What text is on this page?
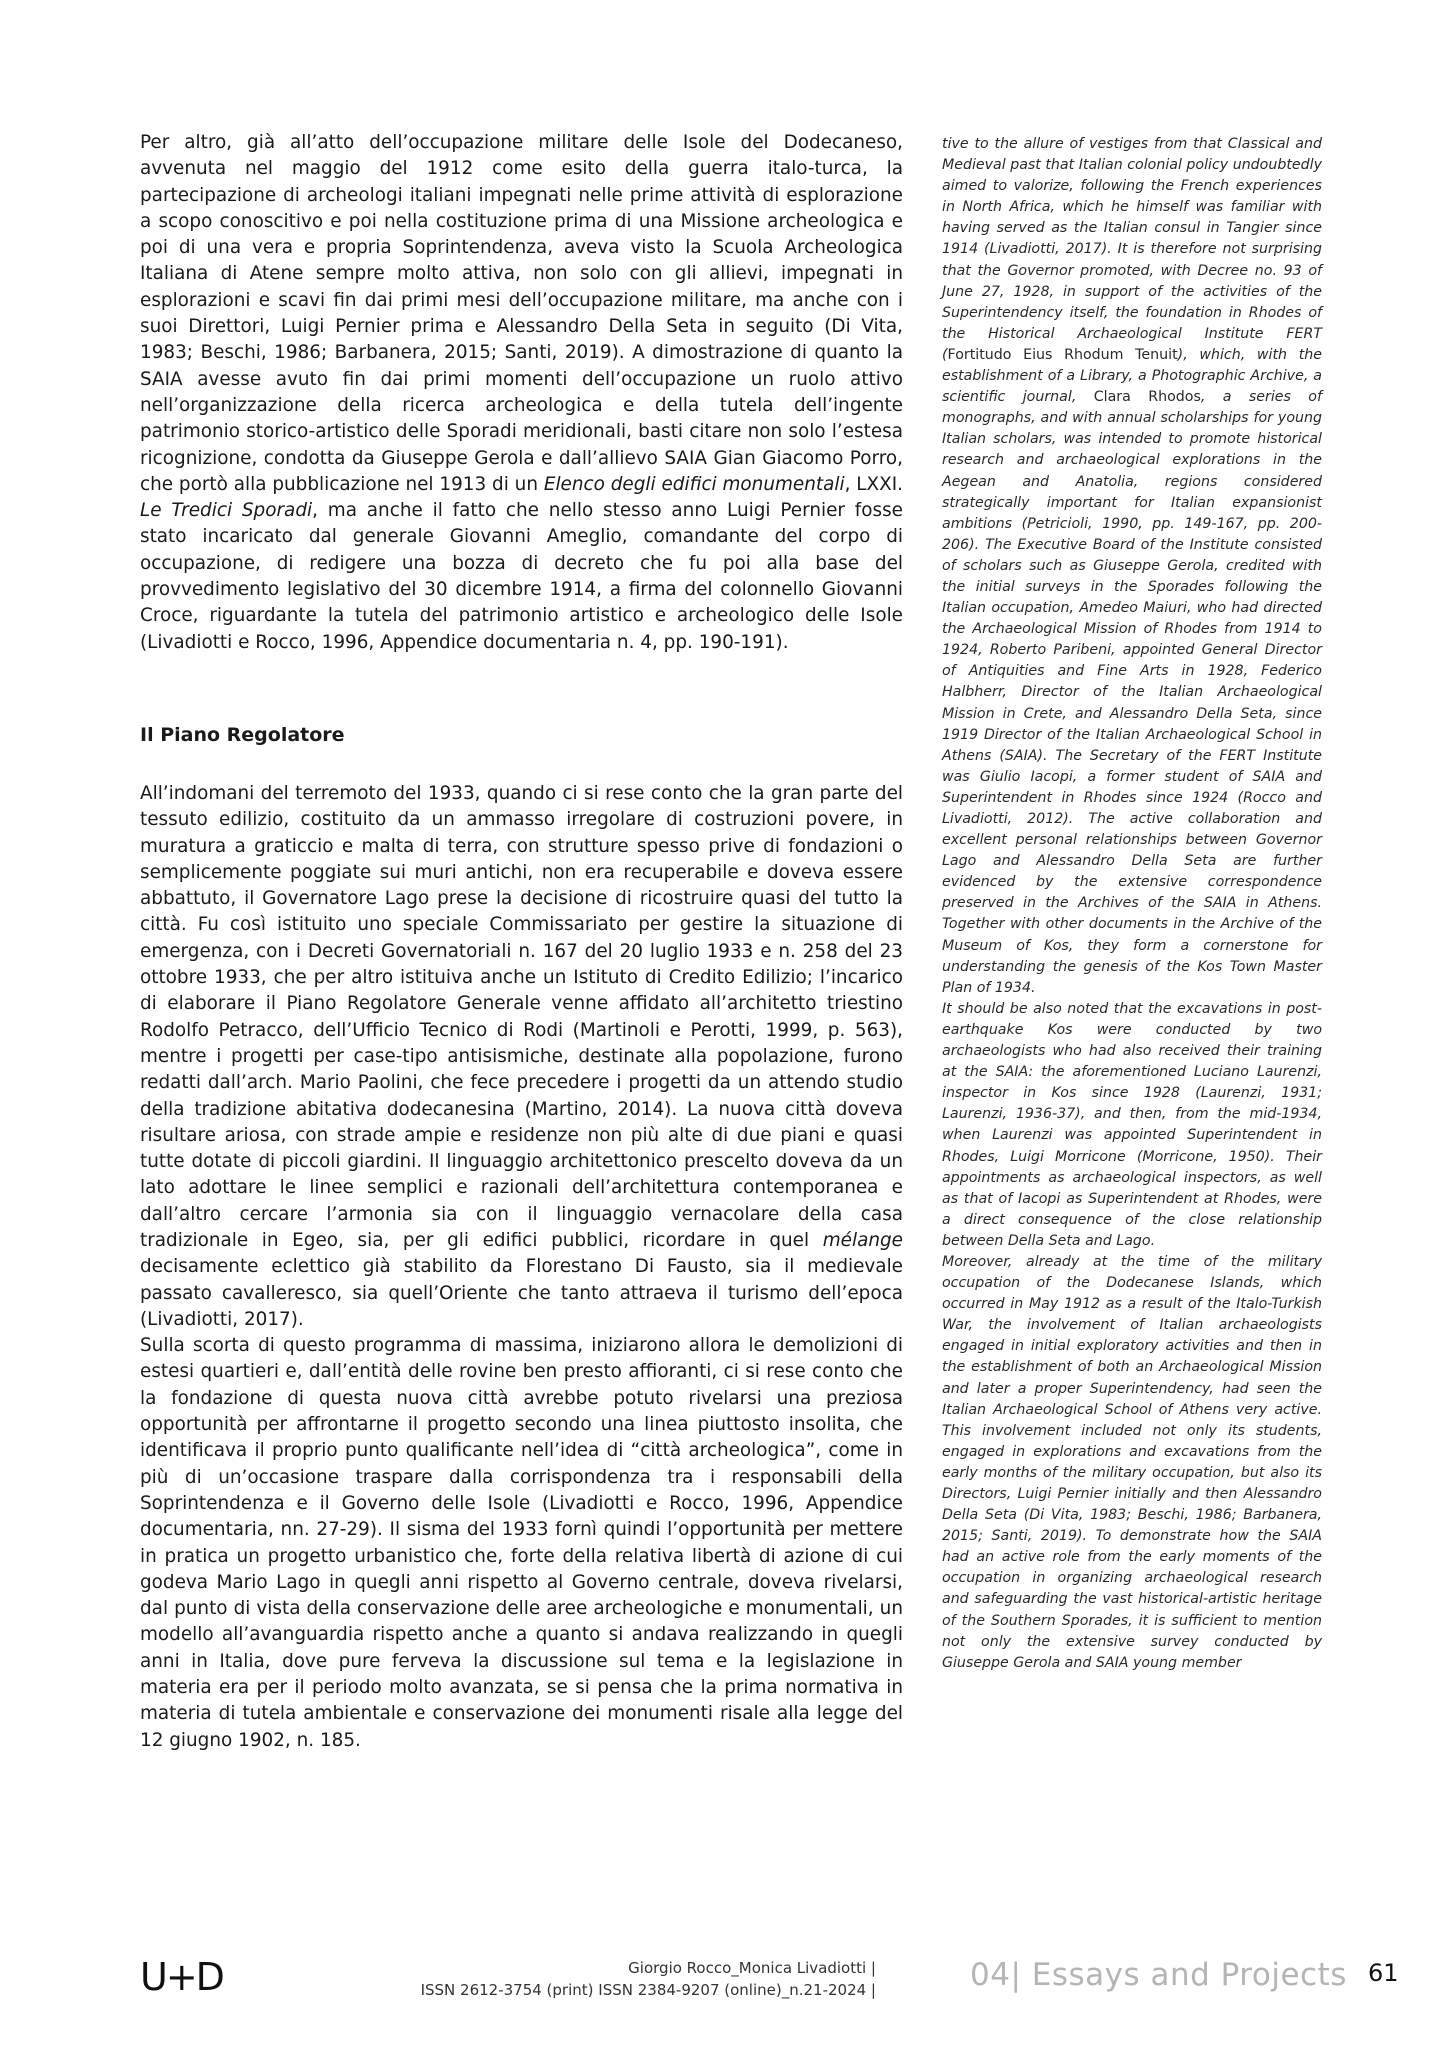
Per altro, già all’atto dell’occupazione militare delle Isole del Dodecaneso, avvenuta nel maggio del 1912 come esito della guerra italo-turca, la partecipazione di archeologi italiani impegnati nelle prime attività di esplorazione a scopo conoscitivo e poi nella costituzione prima di una Missione archeologica e poi di una vera e propria Soprintendenza, aveva visto la Scuola Archeologica Italiana di Atene sempre molto attiva, non solo con gli allievi, impegnati in esplorazioni e scavi fin dai primi mesi dell’occupazione militare, ma anche con i suoi Direttori, Luigi Pernier prima e Alessandro Della Seta in seguito (Di Vita, 1983; Beschi, 1986; Barbanera, 2015; Santi, 2019). A dimostrazione di quanto la SAIA avesse avuto fin dai primi momenti dell’occupazione un ruolo attivo nell’organizzazione della ricerca archeologica e della tutela dell’ingente patrimonio storico-artistico delle Sporadi meridionali, basti citare non solo l’estesa ricognizione, condotta da Giuseppe Gerola e dall’allievo SAIA Gian Giacomo Porro, che portò alla pubblicazione nel 1913 di un Elenco degli edifici monumentali, LXXI. Le Tredici Sporadi, ma anche il fatto che nello stesso anno Luigi Pernier fosse stato incaricato dal generale Giovanni Ameglio, comandante del corpo di occupazione, di redigere una bozza di decreto che fu poi alla base del provvedimento legislativo del 30 dicembre 1914, a firma del colonnello Giovanni Croce, riguardante la tutela del patrimonio artistico e archeologico delle Isole (Livadiotti e Rocco, 1996, Appendice documentaria n. 4, pp. 190-191).

Il Piano Regolatore

All’indomani del terremoto del 1933, quando ci si rese conto che la gran parte del tessuto edilizio, costituito da un ammasso irregolare di costruzioni povere, in muratura a graticcio e malta di terra, con strutture spesso prive di fondazioni o semplicemente poggiate sui muri antichi, non era recuperabile e doveva essere abbattuto, il Governatore Lago prese la decisione di ricostruire quasi del tutto la città. Fu così istituito uno speciale Commissariato per gestire la situazione di emergenza, con i Decreti Governatoriali n. 167 del 20 luglio 1933 e n. 258 del 23 ottobre 1933, che per altro istituiva anche un Istituto di Credito Edilizio; l’incarico di elaborare il Piano Regolatore Generale venne affidato all’architetto triestino Rodolfo Petracco, dell’Ufficio Tecnico di Rodi (Martinoli e Perotti, 1999, p. 563), mentre i progetti per case-tipo antisismiche, destinate alla popolazione, furono redatti dall’arch. Mario Paolini, che fece precedere i progetti da un attendo studio della tradizione abitativa dodecanesina (Martino, 2014). La nuova città doveva risultare ariosa, con strade ampie e residenze non più alte di due piani e quasi tutte dotate di piccoli giardini. Il linguaggio architettonico prescelto doveva da un lato adottare le linee semplici e razionali dell’architettura contemporanea e dall’altro cercare l’armonia sia con il linguaggio vernacolare della casa tradizionale in Egeo, sia, per gli edifici pubblici, ricordare in quel mélange decisamente eclettico già stabilito da Florestano Di Fausto, sia il medievale passato cavalleresco, sia quell’Oriente che tanto attraeva il turismo dell’epoca (Livadiotti, 2017).

Sulla scorta di questo programma di massima, iniziarono allora le demolizioni di estesi quartieri e, dall’entità delle rovine ben presto affioranti, ci si rese conto che la fondazione di questa nuova città avrebbe potuto rivelarsi una preziosa opportunità per affrontarne il progetto secondo una linea piuttosto insolita, che identificava il proprio punto qualificante nell’idea di “città archeologica”, come in più di un’occasione traspare dalla corrispondenza tra i responsabili della Soprintendenza e il Governo delle Isole (Livadiotti e Rocco, 1996, Appendice documentaria, nn. 27-29). Il sisma del 1933 fornì quindi l’opportunità per mettere in pratica un progetto urbanistico che, forte della relativa libertà di azione di cui godeva Mario Lago in quegli anni rispetto al Governo centrale, doveva rivelarsi, dal punto di vista della conservazione delle aree archeologiche e monumentali, un modello all’avanguardia rispetto anche a quanto si andava realizzando in quegli anni in Italia, dove pure ferveva la discussione sul tema e la legislazione in materia era per il periodo molto avanzata, se si pensa che la prima normativa in materia di tutela ambientale e conservazione dei monumenti risale alla legge del 12 giugno 1902, n. 185.

tive to the allure of vestiges from that Classical and Medieval past that Italian colonial policy undoubtedly aimed to valorize, following the French experiences in North Africa, which he himself was familiar with having served as the Italian consul in Tangier since 1914 (Livadiotti, 2017). It is therefore not surprising that the Governor promoted, with Decree no. 93 of June 27, 1928, in support of the activities of the Superintendency itself, the foundation in Rhodes of the Historical Archaeological Institute FERT (Fortitudo Eius Rhodum Tenuit), which, with the establishment of a Library, a Photographic Archive, a scientific journal, Clara Rhodos, a series of monographs, and with annual scholarships for young Italian scholars, was intended to promote historical research and archaeological explorations in the Aegean and Anatolia, regions considered strategically important for Italian expansionist ambitions (Petricioli, 1990, pp. 149-167, pp. 200-206). The Executive Board of the Institute consisted of scholars such as Giuseppe Gerola, credited with the initial surveys in the Sporades following the Italian occupation, Amedeo Maiuri, who had directed the Archaeological Mission of Rhodes from 1914 to 1924, Roberto Paribeni, appointed General Director of Antiquities and Fine Arts in 1928, Federico Halbherr, Director of the Italian Archaeological Mission in Crete, and Alessandro Della Seta, since 1919 Director of the Italian Archaeological School in Athens (SAIA). The Secretary of the FERT Institute was Giulio Iacopi, a former student of SAIA and Superintendent in Rhodes since 1924 (Rocco and Livadiotti, 2012). The active collaboration and excellent personal relationships between Governor Lago and Alessandro Della Seta are further evidenced by the extensive correspondence preserved in the Archives of the SAIA in Athens. Together with other documents in the Archive of the Museum of Kos, they form a cornerstone for understanding the genesis of the Kos Town Master Plan of 1934.

It should be also noted that the excavations in post-earthquake Kos were conducted by two archaeologists who had also received their training at the SAIA: the aforementioned Luciano Laurenzi, inspector in Kos since 1928 (Laurenzi, 1931; Laurenzi, 1936-37), and then, from the mid-1934, when Laurenzi was appointed Superintendent in Rhodes, Luigi Morricone (Morricone, 1950). Their appointments as archaeological inspectors, as well as that of Iacopi as Superintendent at Rhodes, were a direct consequence of the close relationship between Della Seta and Lago.

Moreover, already at the time of the military occupation of the Dodecanese Islands, which occurred in May 1912 as a result of the Italo-Turkish War, the involvement of Italian archaeologists engaged in initial exploratory activities and then in the establishment of both an Archaeological Mission and later a proper Superintendency, had seen the Italian Archaeological School of Athens very active. This involvement included not only its students, engaged in explorations and excavations from the early months of the military occupation, but also its Directors, Luigi Pernier initially and then Alessandro Della Seta (Di Vita, 1983; Beschi, 1986; Barbanera, 2015; Santi, 2019). To demonstrate how the SAIA had an active role from the early moments of the occupation in organizing archaeological research and safeguarding the vast historical-artistic heritage of the Southern Sporades, it is sufficient to mention not only the extensive survey conducted by Giuseppe Gerola and SAIA young member

U+D	Giorgio Rocco_Monica Livadiotti |
ISSN 2612-3754 (print) ISSN 2384-9207 (online)_n.21-2024 |	04| Essays and Projects 61
